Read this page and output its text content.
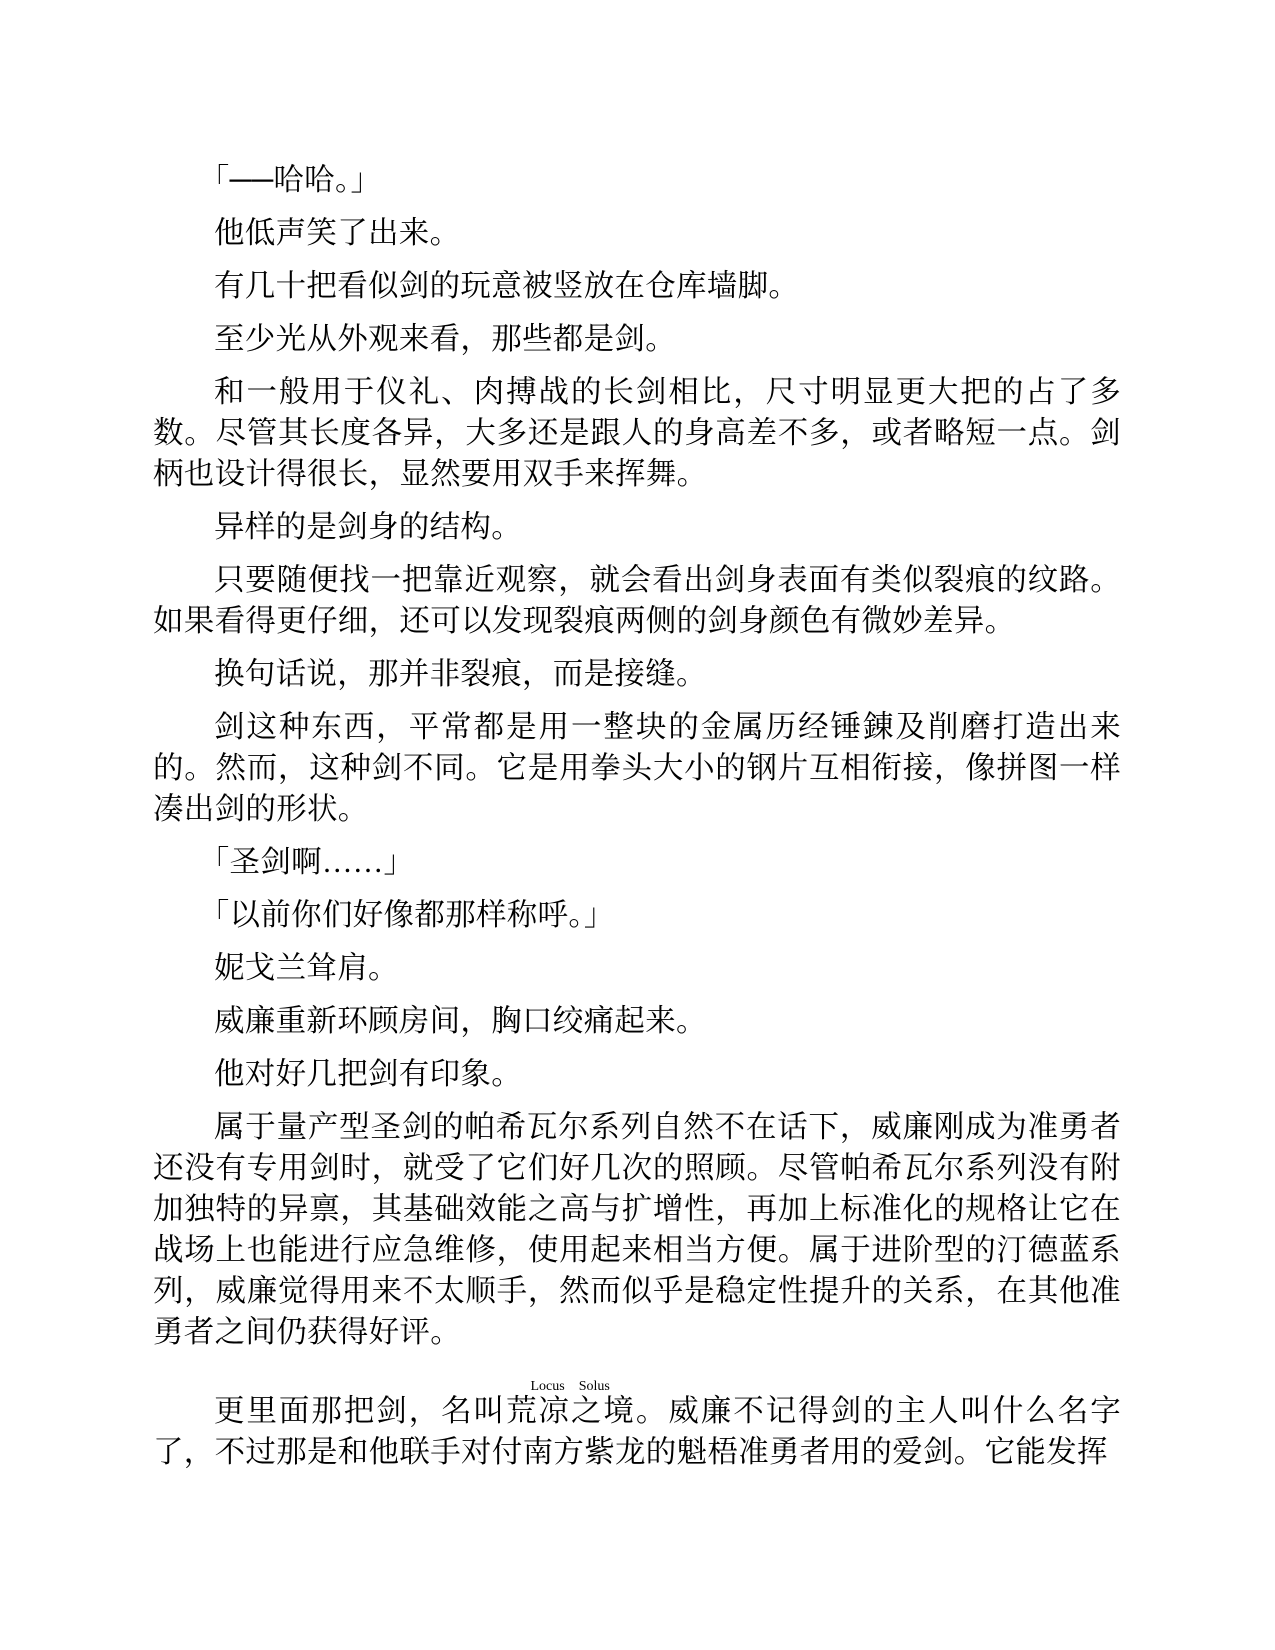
「──哈哈。」

他低声笑了出来。

有几十把看似剑的玩意被竖放在仓库墙脚。

至少光从外观来看，那些都是剑。

和一般用于仪礼、肉搏战的长剑相比，尺寸明显更大把的占了多数。尽管其长度各异，大多还是跟人的身高差不多，或者略短一点。剑柄也设计得很长，显然要用双手来挥舞。

异样的是剑身的结构。

只要随便找一把靠近观察，就会看出剑身表面有类似裂痕的纹路。如果看得更仔细，还可以发现裂痕两侧的剑身颜色有微妙差异。

换句话说，那并非裂痕，而是接缝。

剑这种东西，平常都是用一整块的金属历经锤錬及削磨打造出来的。然而，这种剑不同。它是用拳头大小的钢片互相衔接，像拼图一样凑出剑的形状。

「圣剑啊……」

「以前你们好像都那样称呼。」

妮戈兰耸肩。

威廉重新环顾房间，胸口绞痛起来。

他对好几把剑有印象。

属于量产型圣剑的帕希瓦尔系列自然不在话下，威廉刚成为准勇者还没有专用剑时，就受了它们好几次的照顾。尽管帕希瓦尔系列没有附加独特的异禀，其基础效能之高与扩增性，再加上标准化的规格让它在战场上也能进行应急维修，使用起来相当方便。属于进阶型的汀德蓝系列，威廉觉得用来不太顺手，然而似乎是稳定性提升的关系，在其他准勇者之间仍获得好评。

更里面那把剑，名叫荒凉之境Locus Solus。威廉不记得剑的主人叫什么名字了，不过那是和他联手对付南方紫龙的魁梧准勇者用的爱剑。它能发挥
